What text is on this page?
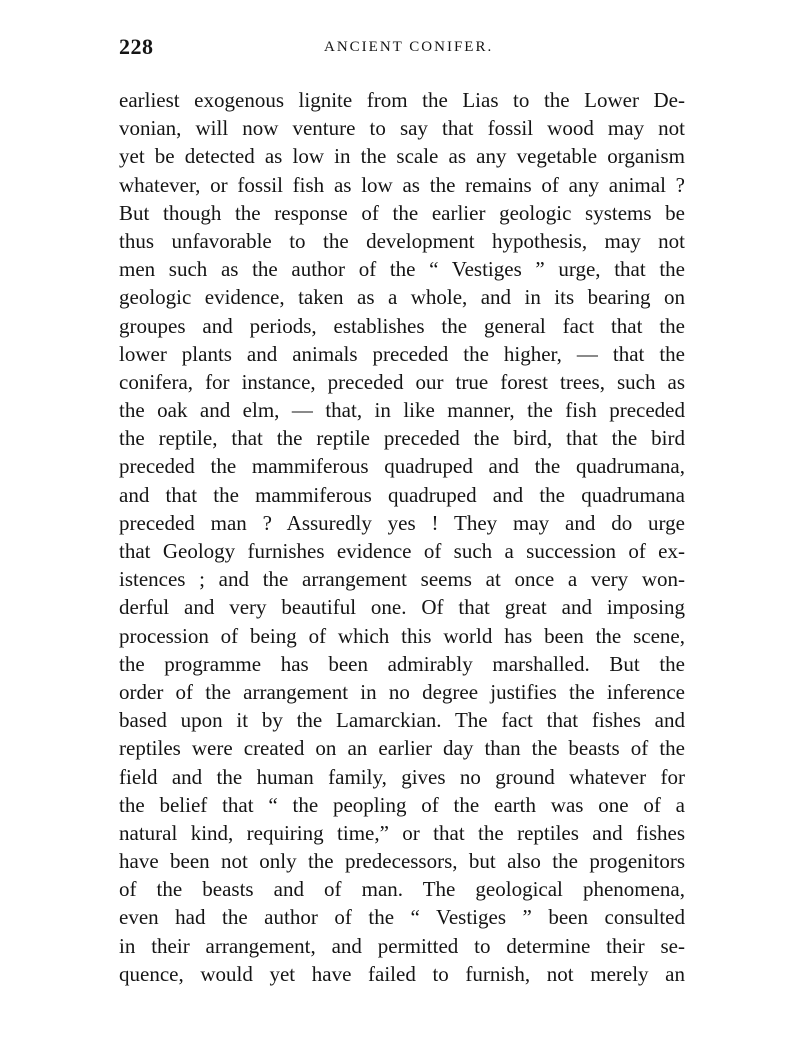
228	ANCIENT CONIFER.
earliest exogenous lignite from the Lias to the Lower De-
vonian, will now venture to say that fossil wood may not
yet be detected as low in the scale as any vegetable organism
whatever, or fossil fish as low as the remains of any animal ?
But though the response of the earlier geologic systems be
thus unfavorable to the development hypothesis, may not
men such as the author of the “ Vestiges ” urge, that the
geologic evidence, taken as a whole, and in its bearing on
groupes and periods, establishes the general fact that the
lower plants and animals preceded the higher, — that the
conifera, for instance, preceded our true forest trees, such as
the oak and elm, — that, in like manner, the fish preceded
the reptile, that the reptile preceded the bird, that the bird
preceded the mammiferous quadruped and the quadrumana,
and that the mammiferous quadruped and the quadrumana
preceded man ? Assuredly yes ! They may and do urge
that Geology furnishes evidence of such a succession of ex-
istences ; and the arrangement seems at once a very won-
derful and very beautiful one. Of that great and imposing
procession of being of which this world has been the scene,
the programme has been admirably marshalled. But the
order of the arrangement in no degree justifies the inference
based upon it by the Lamarckian. The fact that fishes and
reptiles were created on an earlier day than the beasts of the
field and the human family, gives no ground whatever for
the belief that “ the peopling of the earth was one of a
natural kind, requiring time,” or that the reptiles and fishes
have been not only the predecessors, but also the progenitors
of the beasts and of man. The geological phenomena,
even had the author of the “ Vestiges ” been consulted
in their arrangement, and permitted to determine their se-
quence, would yet have failed to furnish, not merely an
